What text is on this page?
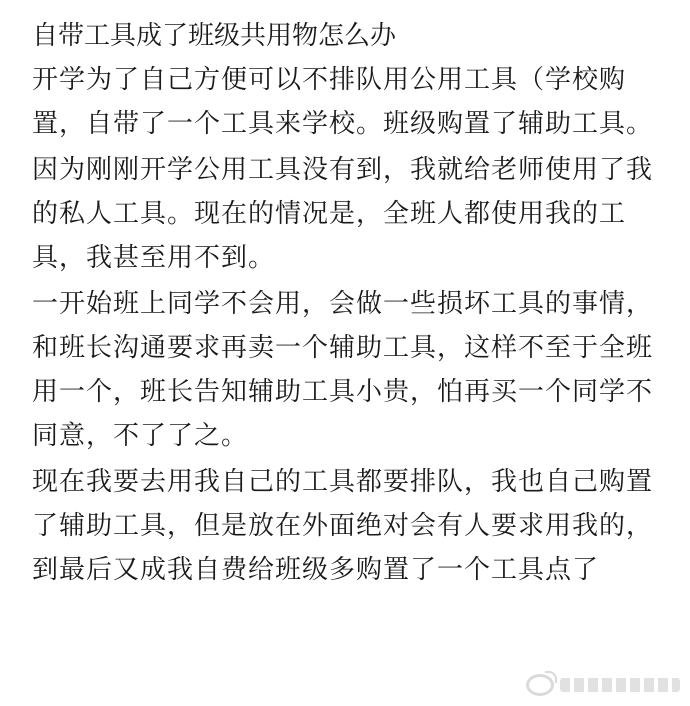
自带工具成了班级共用物怎么办

开学为了自己方便可以不排队用公用工具（学校购置，自带了一个工具来学校。班级购置了辅助工具。

因为刚刚开学公用工具没有到，我就给老师使用了我的私人工具。现在的情况是，全班人都使用我的工具，我甚至用不到。

一开始班上同学不会用，会做一些损坏工具的事情，和班长沟通要求再卖一个辅助工具，这样不至于全班用一个，班长告知辅助工具小贵，怕再买一个同学不同意，不了了之。

现在我要去用我自己的工具都要排队，我也自己购置了辅助工具，但是放在外面绝对会有人要求用我的，到最后又成我自费给班级多购置了一个工具点了
